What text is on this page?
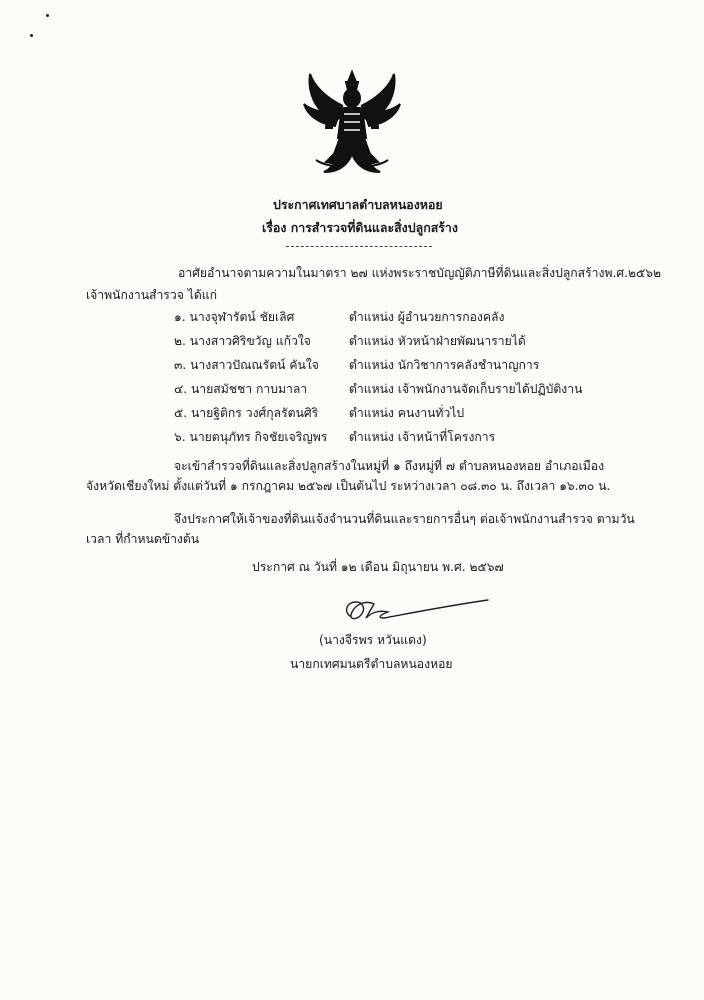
ประกาศเทศบาลตำบลหนองหอย
เรื่อง การสำรวจที่ดินและสิ่งปลูกสร้าง
อาศัยอำนาจตามความในมาตรา ๒๗ แห่งพระราชบัญญัติภาษีที่ดินและสิ่งปลูกสร้างพ.ศ.๒๕๖๒
เจ้าพนักงานสำรวจ ได้แก่
๑. นางจุฬารัตน์ ชัยเลิศ	ตำแหน่ง ผู้อำนวยการกองคลัง
๒. นางสาวศิริขวัญ แก้วใจ	ตำแหน่ง หัวหน้าฝ่ายพัฒนารายได้
๓. นางสาวปัณณรัตน์ คันใจ ตำแหน่ง นักวิชาการคลังชำนาญการ
๔. นายสมัชชา กาบมาลา	ตำแหน่ง เจ้าพนักงานจัดเก็บรายได้ปฏิบัติงาน
๕. นายฐิติกร วงศ์กุลรัตนศิริ	ตำแหน่ง คนงานทั่วไป
๖. นายตนุภัทร กิจชัยเจริญพร ตำแหน่ง เจ้าหน้าที่โครงการ
จะเข้าสำรวจที่ดินและสิ่งปลูกสร้างในหมู่ที่ ๑ ถึงหมู่ที่ ๗ ตำบลหนองหอย อำเภอเมือง
จังหวัดเชียงใหม่ ตั้งแต่วันที่ ๑ กรกฎาคม ๒๕๖๗ เป็นต้นไป ระหว่างเวลา ๐๘.๓๐ น. ถึงเวลา ๑๖.๓๐ น.
จึงประกาศให้เจ้าของที่ดินแจ้งจำนวนที่ดินและรายการอื่นๆ ต่อเจ้าพนักงานสำรวจ ตามวัน
เวลา ที่กำหนดข้างต้น
ประกาศ ณ วันที่ ๑๒ เดือน มิถุนายน พ.ศ. ๒๕๖๗
(นางจีรพร หวันแดง)
นายกเทศมนตรีตำบลหนองหอย
